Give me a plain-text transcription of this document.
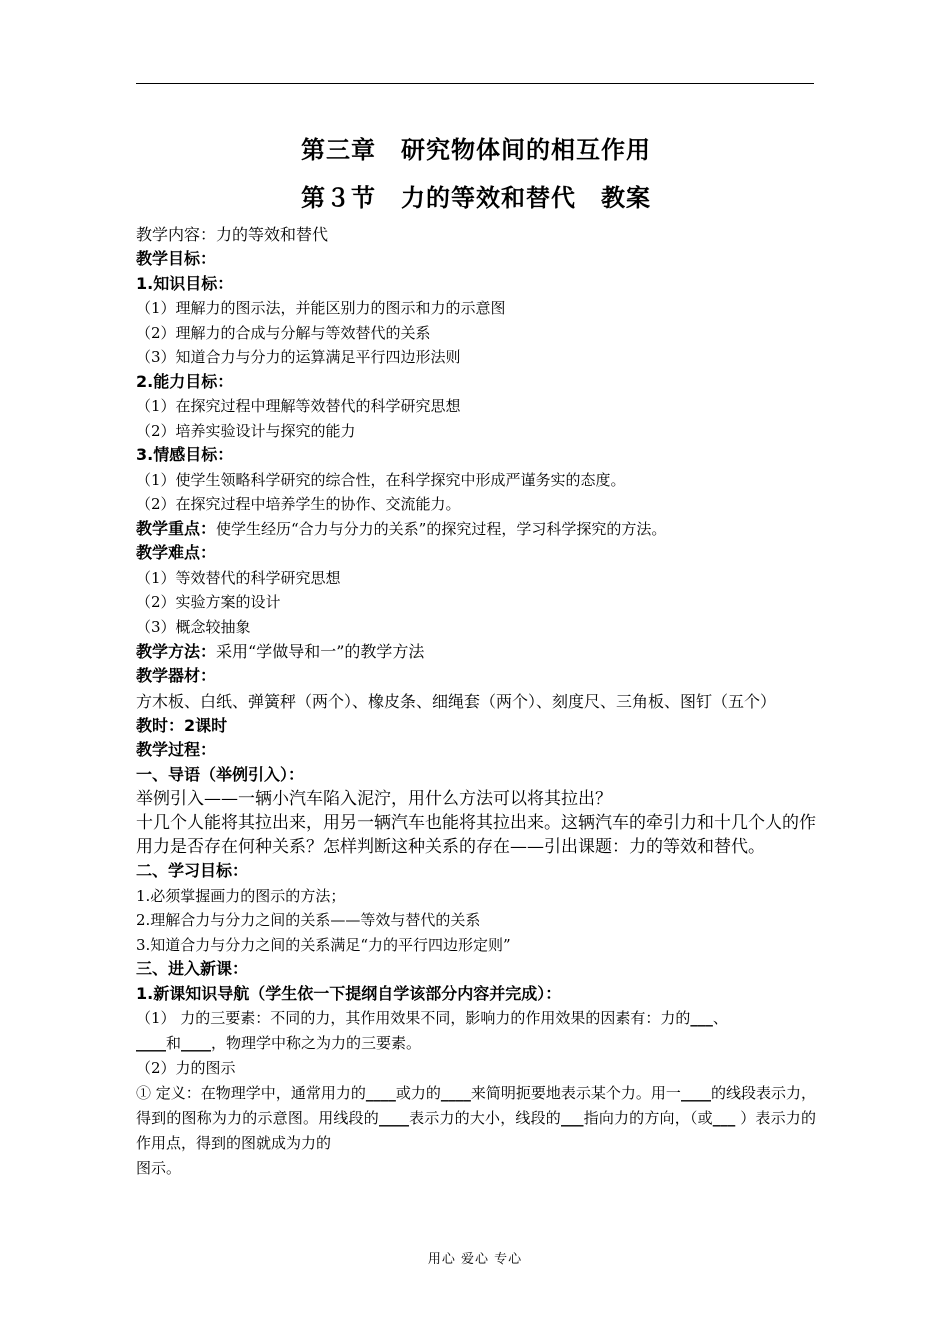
第三章　研究物体间的相互作用
第３节　力的等效和替代　教案
教学内容：力的等效和替代
教学目标：
1.知识目标：
（1）理解力的图示法，并能区别力的图示和力的示意图
（2）理解力的合成与分解与等效替代的关系
（3）知道合力与分力的运算满足平行四边形法则
2.能力目标：
（1）在探究过程中理解等效替代的科学研究思想
（2）培养实验设计与探究的能力
3.情感目标：
（1）使学生领略科学研究的综合性，在科学探究中形成严谨务实的态度。
（2）在探究过程中培养学生的协作、交流能力。
教学重点：使学生经历“合力与分力的关系”的探究过程，学习科学探究的方法。
教学难点：
（1）等效替代的科学研究思想
（2）实验方案的设计
（3）概念较抽象
教学方法：采用“学做导和一”的教学方法
教学器材：
方木板、白纸、弹簧秤（两个）、橡皮条、细绳套（两个）、刻度尺、三角板、图钉（五个）
教时：2课时
教学过程：
一、导语（举例引入）：
举例引入——一辆小汽车陷入泥泞，用什么方法可以将其拉出？
十几个人能将其拉出来，用另一辆汽车也能将其拉出来。这辆汽车的牵引力和十几个人的作用力是否存在何种关系？怎样判断这种关系的存在——引出课题：力的等效和替代。
二、学习目标：
1.必须掌握画力的图示的方法；
2.理解合力与分力之间的关系——等效与替代的关系
3.知道合力与分力之间的关系满足“力的平行四边形定则”
三、进入新课：
1.新课知识导航（学生依一下提纲自学该部分内容并完成）：
（1） 力的三要素：不同的力，其作用效果不同，影响力的作用效果的因素有：力的___、
____和____，物理学中称之为力的三要素。
（2）力的图示
① 定义：在物理学中，通常用力的____或力的____来简明扼要地表示某个力。用一____的线段表示力，得到的图称为力的示意图。用线段的____表示力的大小，线段的___指向力的方向，（或___ ）表示力的作用点，得到的图就成为力的
图示。
用心 爱心 专心
